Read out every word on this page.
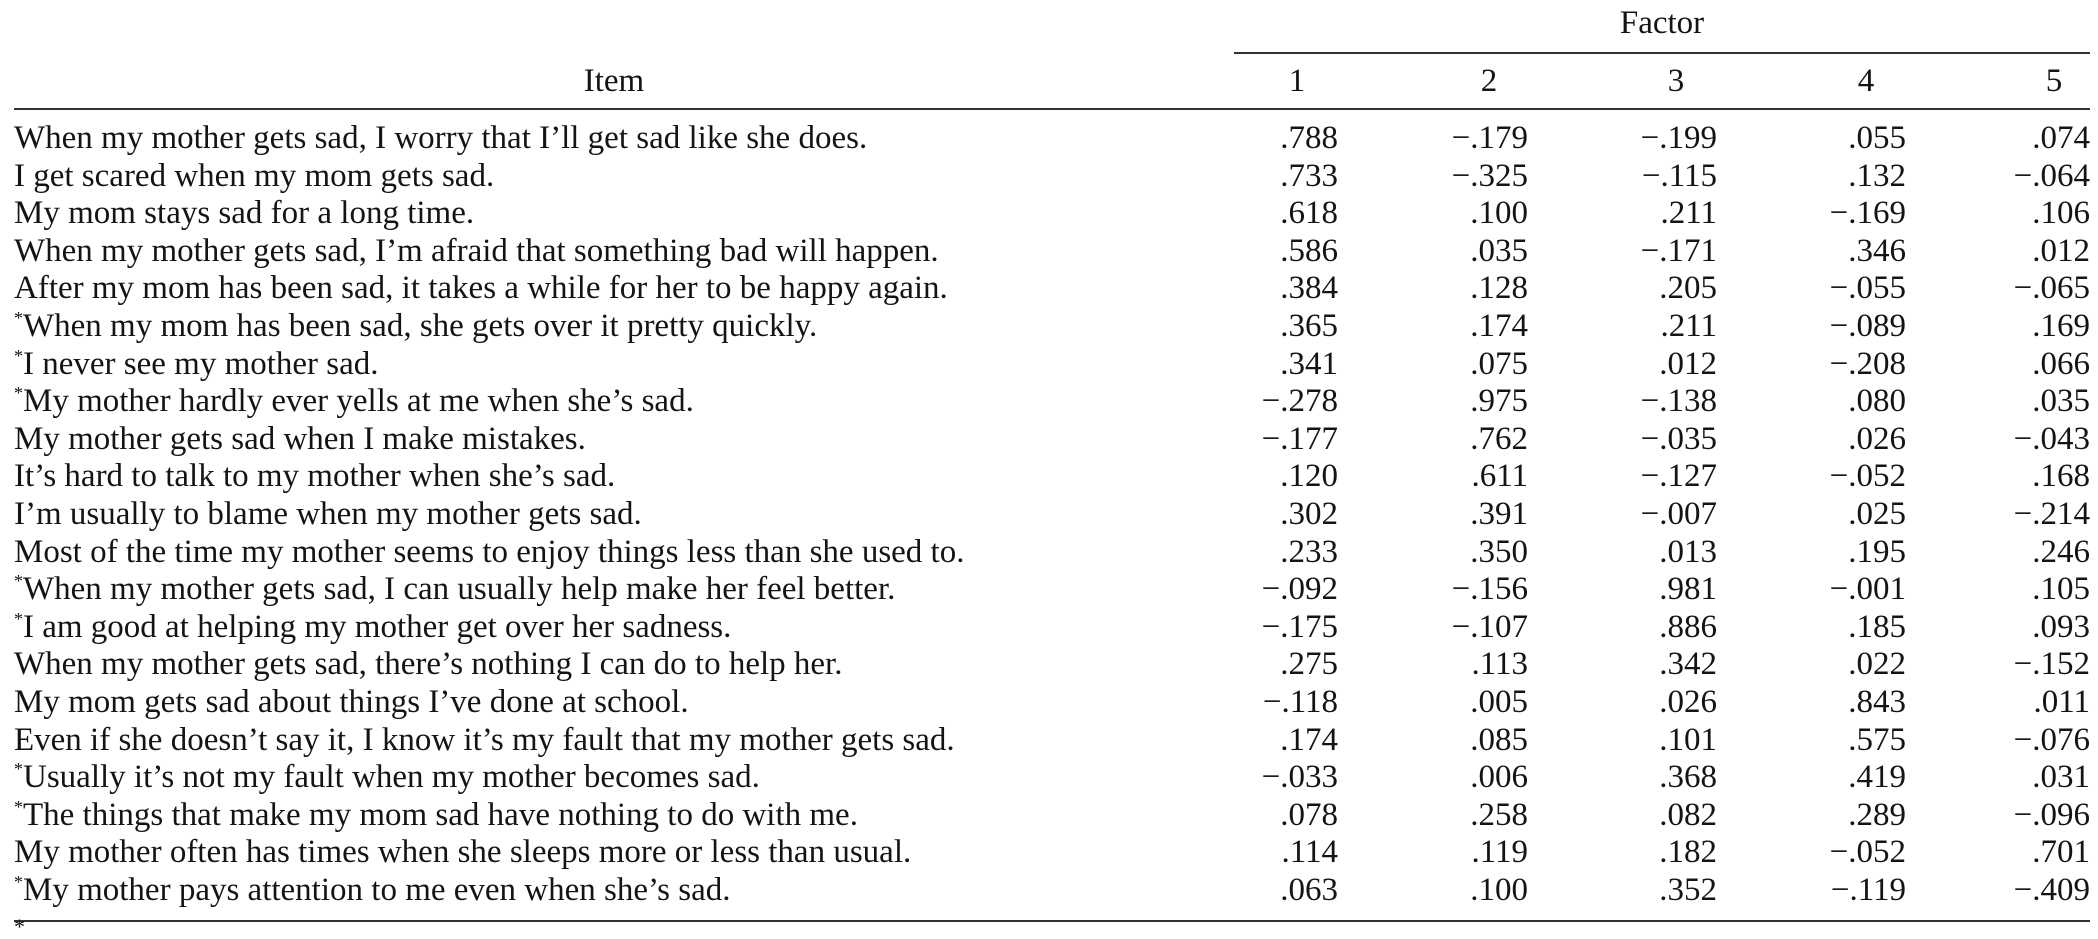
Factor
Item	1	2	3	4	5
When my mother gets sad, I worry that I’ll get sad like she does.	.788	−.179	−.199	.055	.074
I get scared when my mom gets sad.	.733	−.325	−.115	.132	−.064
My mom stays sad for a long time.	.618	.100	.211	−.169	.106
When my mother gets sad, I’m afraid that something bad will happen.	.586	.035	−.171	.346	.012
After my mom has been sad, it takes a while for her to be happy again.	.384	.128	.205	−.055	−.065
*When my mom has been sad, she gets over it pretty quickly.	.365	.174	.211	−.089	.169
*I never see my mother sad.	.341	.075	.012	−.208	.066
*My mother hardly ever yells at me when she’s sad.	−.278	.975	−.138	.080	.035
My mother gets sad when I make mistakes.	−.177	.762	−.035	.026	−.043
It’s hard to talk to my mother when she’s sad.	.120	.611	−.127	−.052	.168
I’m usually to blame when my mother gets sad.	.302	.391	−.007	.025	−.214
Most of the time my mother seems to enjoy things less than she used to.	.233	.350	.013	.195	.246
*When my mother gets sad, I can usually help make her feel better.	−.092	−.156	.981	−.001	.105
*I am good at helping my mother get over her sadness.	−.175	−.107	.886	.185	.093
When my mother gets sad, there’s nothing I can do to help her.	.275	.113	.342	.022	−.152
My mom gets sad about things I’ve done at school.	−.118	.005	.026	.843	.011
Even if she doesn’t say it, I know it’s my fault that my mother gets sad.	.174	.085	.101	.575	−.076
*Usually it’s not my fault when my mother becomes sad.	−.033	.006	.368	.419	.031
*The things that make my mom sad have nothing to do with me.	.078	.258	.082	.289	−.096
My mother often has times when she sleeps more or less than usual.	.114	.119	.182	−.052	.701
*My mother pays attention to me even when she’s sad.	.063	.100	.352	−.119	−.409
*
